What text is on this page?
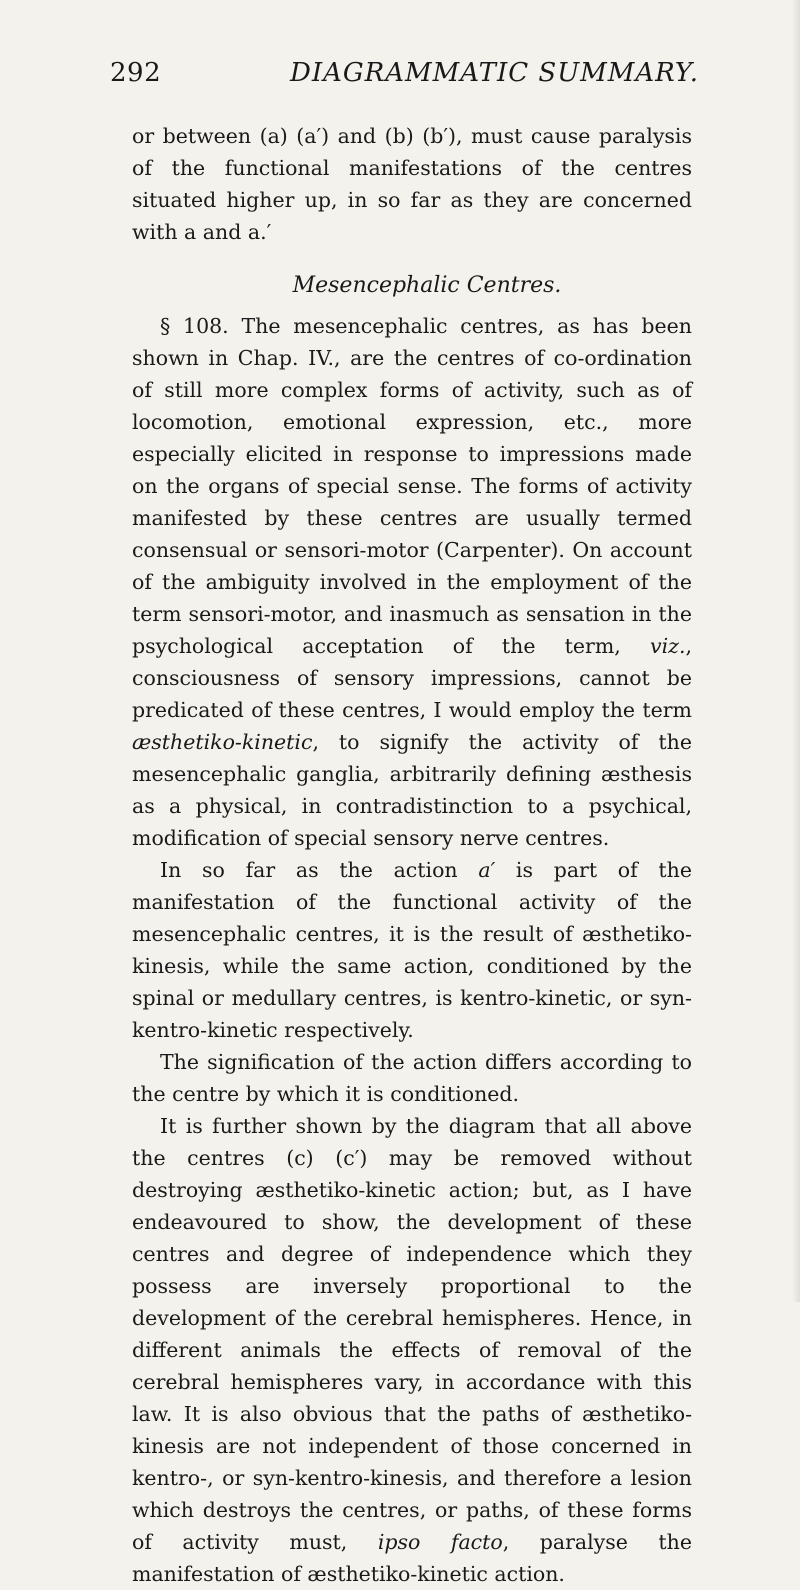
292	DIAGRAMMATIC SUMMARY.

or between (a) (a′) and (b) (b′), must cause paralysis of the functional manifestations of the centres situated higher up, in so far as they are concerned with a and a.′

Mesencephalic Centres.

§ 108. The mesencephalic centres, as has been shown in Chap. IV., are the centres of co-ordination of still more complex forms of activity, such as of locomotion, emotional expression, etc., more especially elicited in response to impressions made on the organs of special sense. The forms of activity manifested by these centres are usually termed consensual or sensori-motor (Carpenter). On account of the ambiguity involved in the employment of the term sensori-motor, and inasmuch as sensation in the psychological acceptation of the term, viz., consciousness of sensory impressions, cannot be predicated of these centres, I would employ the term æsthetiko-kinetic, to signify the activity of the mesencephalic ganglia, arbitrarily defining æsthesis as a physical, in contradistinction to a psychical, modification of special sensory nerve centres.

In so far as the action a′ is part of the manifestation of the functional activity of the mesencephalic centres, it is the result of æsthetiko-kinesis, while the same action, conditioned by the spinal or medullary centres, is kentro-kinetic, or syn-kentro-kinetic respectively.

The signification of the action differs according to the centre by which it is conditioned.

It is further shown by the diagram that all above the centres (c) (c′) may be removed without destroying æsthetiko-kinetic action; but, as I have endeavoured to show, the development of these centres and degree of independence which they possess are inversely proportional to the development of the cerebral hemispheres. Hence, in different animals the effects of removal of the cerebral hemispheres vary, in accordance with this law. It is also obvious that the paths of æsthetiko-kinesis are not independent of those concerned in kentro-, or syn-kentro-kinesis, and therefore a lesion which destroys the centres, or paths, of these forms of activity must, ipso facto, paralyse the manifestation of æsthetiko-kinetic action.
